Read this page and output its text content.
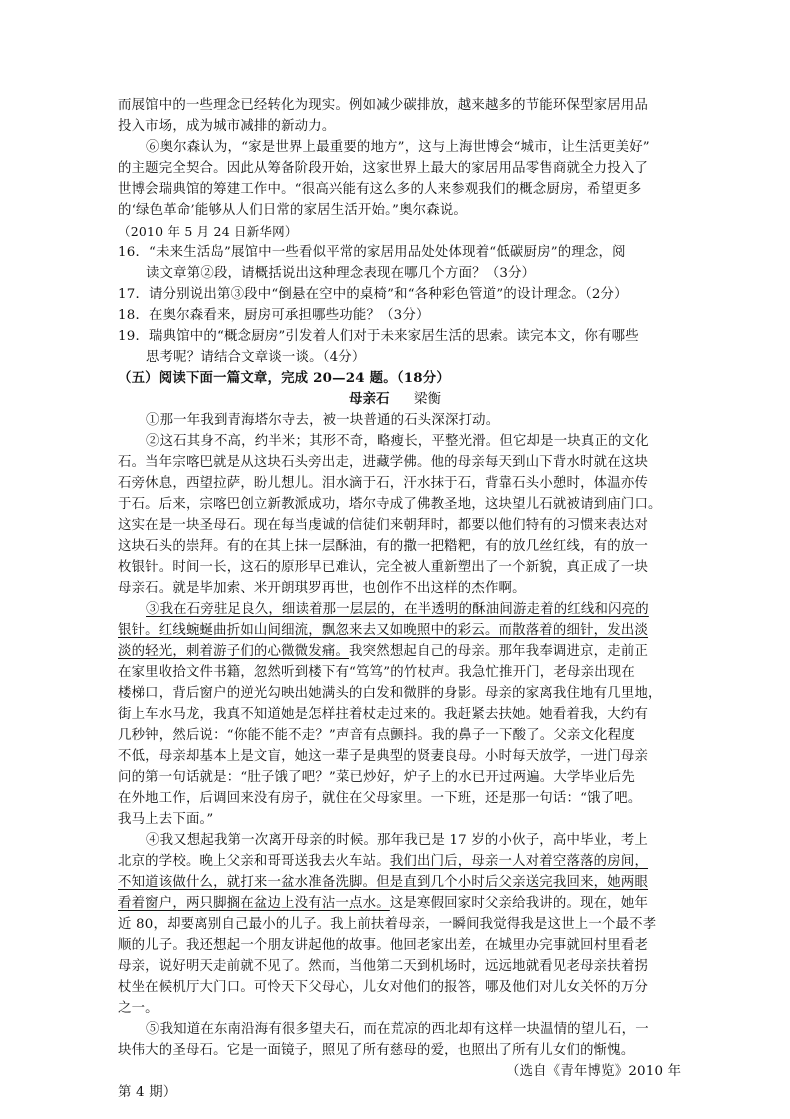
而展馆中的一些理念已经转化为现实。例如减少碳排放，越来越多的节能环保型家居用品
投入市场，成为城市减排的新动力。
⑥奥尔森认为，“家是世界上最重要的地方”，这与上海世博会“城市，让生活更美好”
的主题完全契合。因此从筹备阶段开始，这家世界上最大的家居用品零售商就全力投入了
世博会瑞典馆的筹建工作中。“很高兴能有这么多的人来参观我们的概念厨房，希望更多
的‘绿色革命’能够从人们日常的家居生活开始。”奥尔森说。
（2010 年 5 月 24 日新华网）
16．“未来生活岛”展馆中一些看似平常的家居用品处处体现着“低碳厨房”的理念，阅
读文章第②段，请概括说出这种理念表现在哪几个方面？（3分）
17．请分别说出第③段中“倒悬在空中的桌椅”和“各种彩色管道”的设计理念。（2分）
18．在奥尔森看来，厨房可承担哪些功能？（3分）
19．瑞典馆中的“概念厨房”引发着人们对于未来家居生活的思索。读完本文，你有哪些
思考呢？请结合文章谈一谈。（4分）
（五）阅读下面一篇文章，完成 20—24 题。（18分）
母亲石 梁衡
①那一年我到青海塔尔寺去，被一块普通的石头深深打动。
②这石其身不高，约半米；其形不奇，略瘦长，平整光滑。但它却是一块真正的文化
石。当年宗喀巴就是从这块石头旁出走，进藏学佛。他的母亲每天到山下背水时就在这块
石旁休息，西望拉萨，盼儿想儿。泪水滴于石，汗水抹于石，背靠石头小憩时，体温亦传
于石。后来，宗喀巴创立新教派成功，塔尔寺成了佛教圣地，这块望儿石就被请到庙门口。
这实在是一块圣母石。现在每当虔诚的信徒们来朝拜时，都要以他们特有的习惯来表达对
这块石头的崇拜。有的在其上抹一层酥油，有的撒一把糌粑，有的放几丝红线，有的放一
枚银针。时间一长，这石的原形早已难认，完全被人重新塑出了一个新貌，真正成了一块
母亲石。就是毕加索、米开朗琪罗再世，也创作不出这样的杰作啊。
③我在石旁驻足良久，细读着那一层层的，在半透明的酥油间游走着的红线和闪亮的
银针。红线蜿蜒曲折如山间细流，飘忽来去又如晚照中的彩云。而散落着的细针，发出淡
淡的轻光，刺着游子们的心微微发痛。我突然想起自己的母亲。那年我奉调进京，走前正
在家里收拾文件书籍，忽然听到楼下有“笃笃”的竹杖声。我急忙推开门，老母亲出现在
楼梯口，背后窗户的逆光勾映出她满头的白发和微胖的身影。母亲的家离我住地有几里地，
街上车水马龙，我真不知道她是怎样拄着杖走过来的。我赶紧去扶她。她看着我，大约有
几秒钟，然后说：“你能不能不走？”声音有点颤抖。我的鼻子一下酸了。父亲文化程度
不低，母亲却基本上是文盲，她这一辈子是典型的贤妻良母。小时每天放学，一进门母亲
问的第一句话就是：“肚子饿了吧？”菜已炒好，炉子上的水已开过两遍。大学毕业后先
在外地工作，后调回来没有房子，就住在父母家里。一下班，还是那一句话：“饿了吧。
我马上去下面。”
④我又想起我第一次离开母亲的时候。那年我已是 17 岁的小伙子，高中毕业，考上
北京的学校。晚上父亲和哥哥送我去火车站。我们出门后，母亲一人对着空落落的房间，
不知道该做什么，就打来一盆水准备洗脚。但是直到几个小时后父亲送完我回来，她两眼
看着窗户，两只脚搁在盆边上没有沾一点水。这是寒假回家时父亲给我讲的。现在，她年
近 80，却要离别自己最小的儿子。我上前扶着母亲，一瞬间我觉得我是这世上一个最不孝
顺的儿子。我还想起一个朋友讲起他的故事。他回老家出差，在城里办完事就回村里看老
母亲，说好明天走前就不见了。然而，当他第二天到机场时，远远地就看见老母亲扶着拐
杖坐在候机厅大门口。可怜天下父母心，儿女对他们的报答，哪及他们对儿女关怀的万分
之一。
⑤我知道在东南沿海有很多望夫石，而在荒凉的西北却有这样一块温情的望儿石，一
块伟大的圣母石。它是一面镜子，照见了所有慈母的爱，也照出了所有儿女们的惭愧。
（选自《青年博览》2010 年
第 4 期）
